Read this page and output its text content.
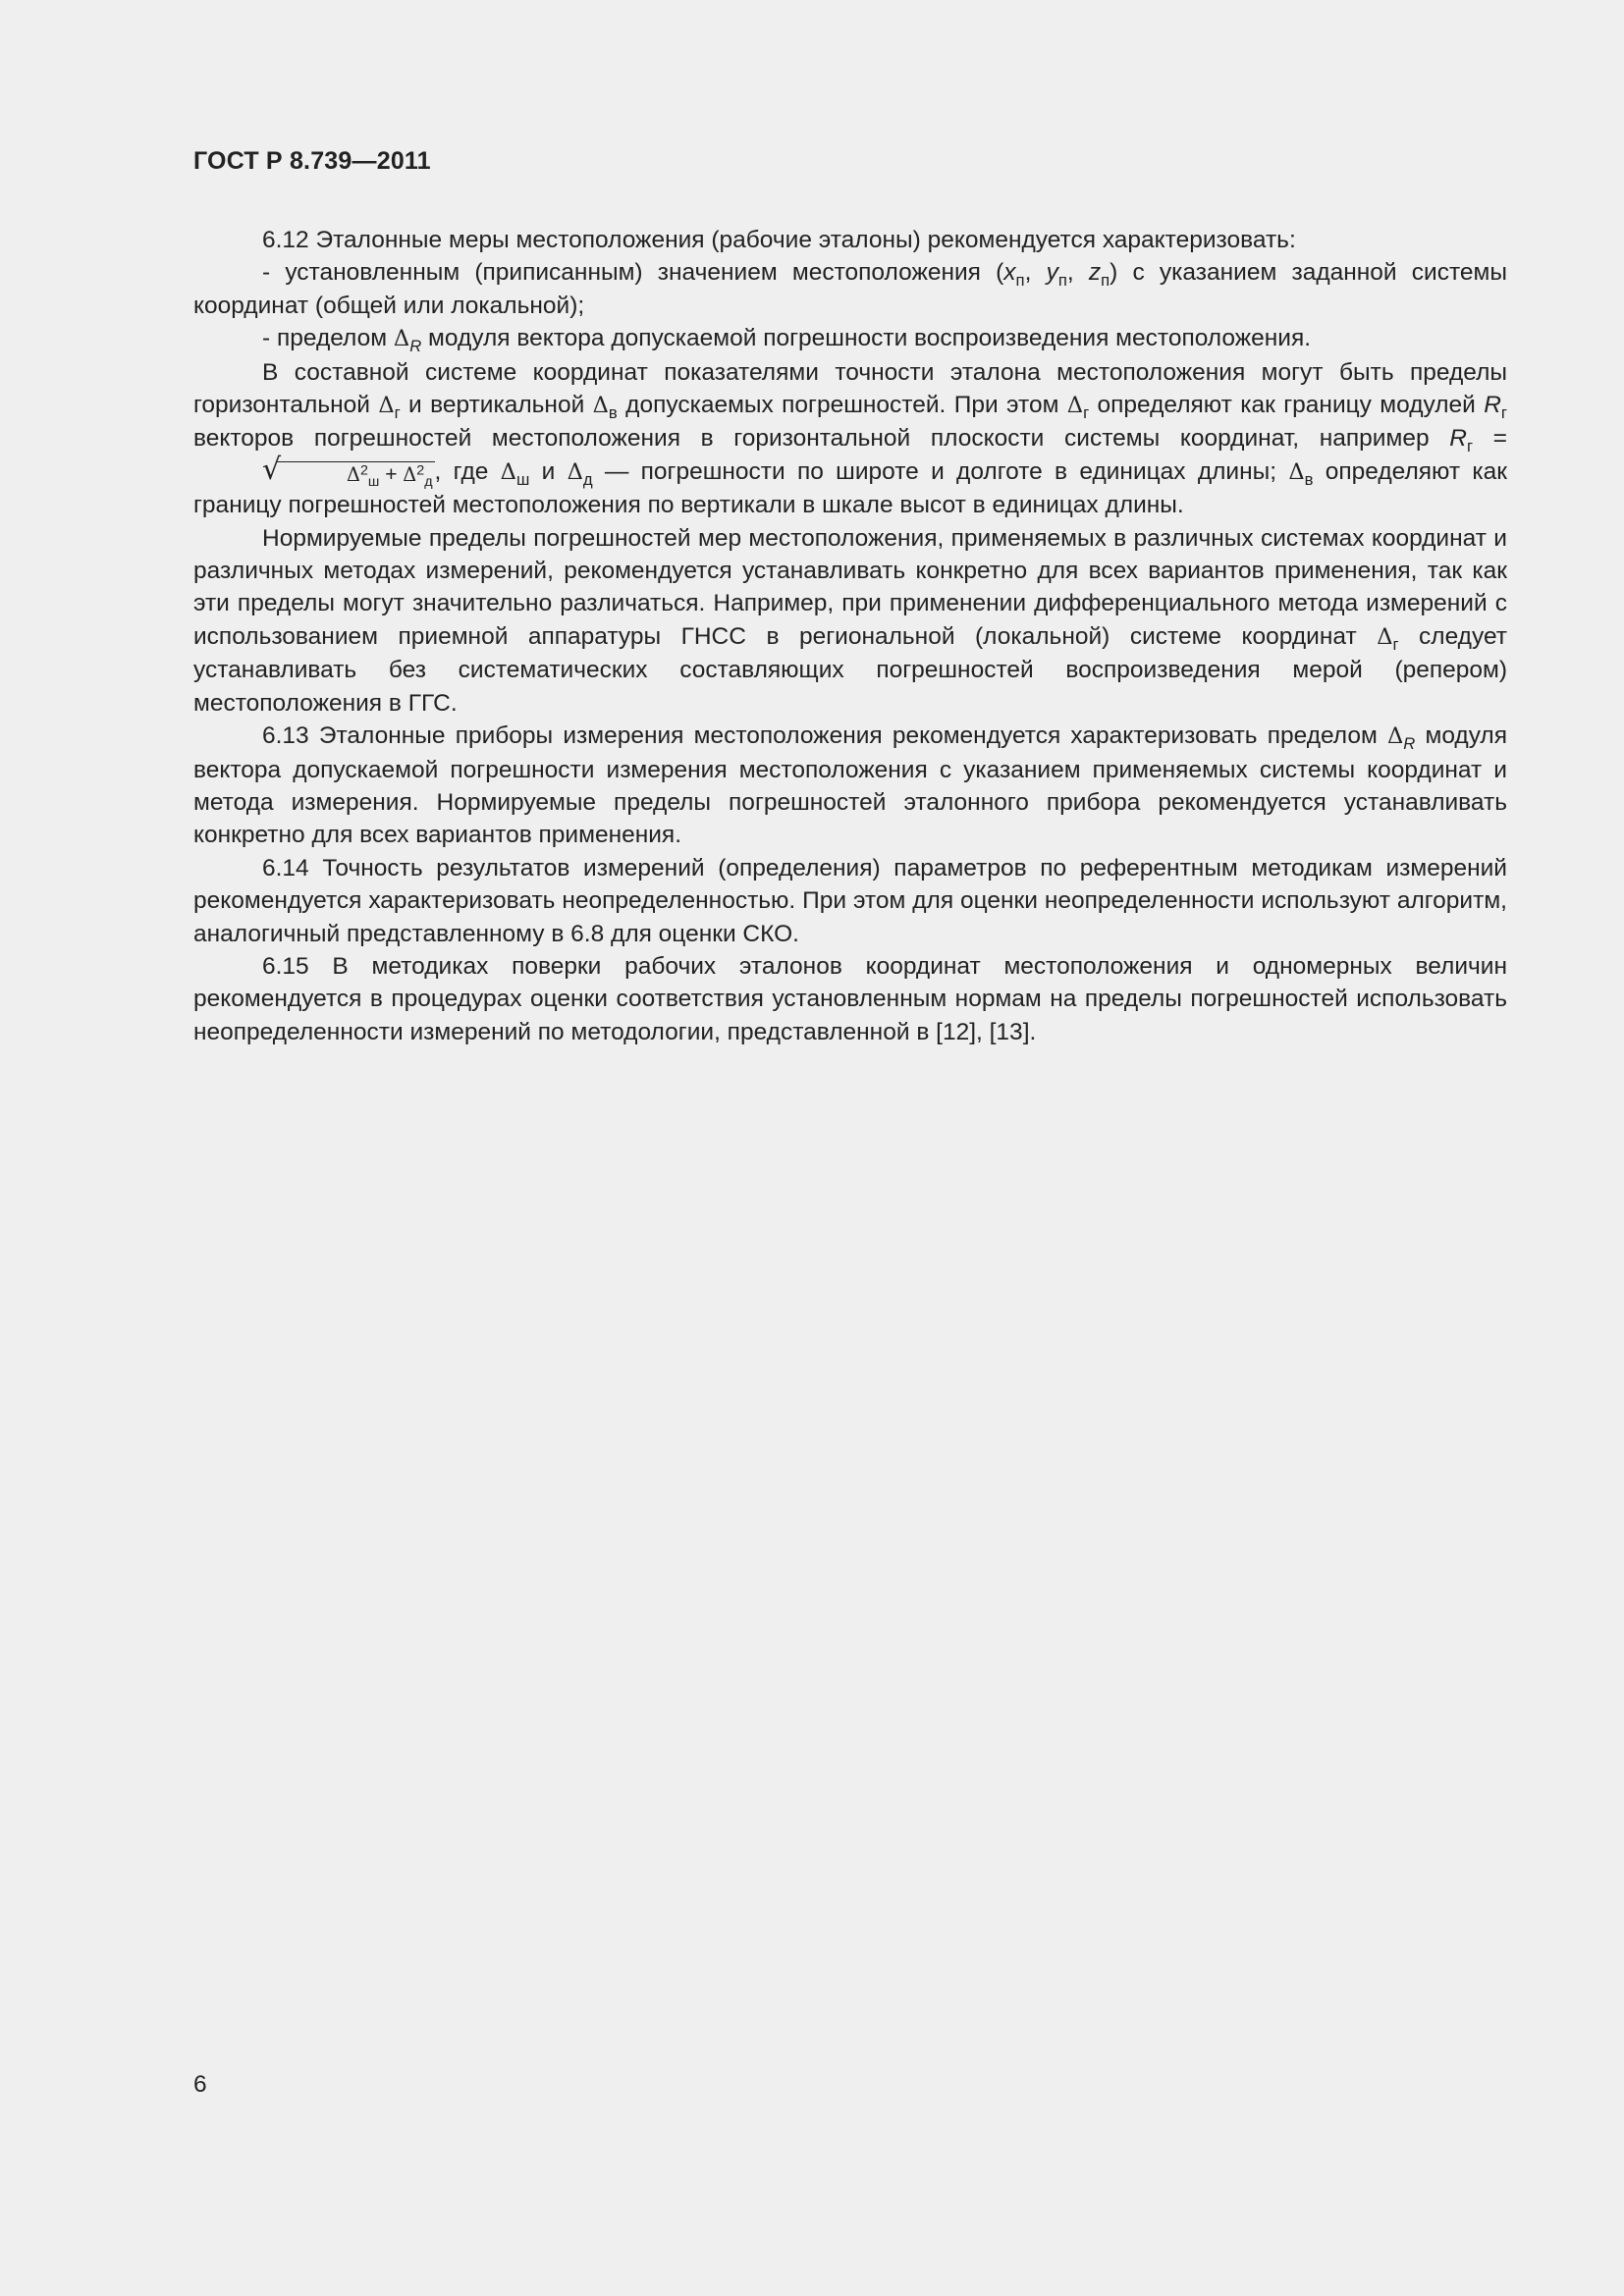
ГОСТ Р 8.739—2011

6.12 Эталонные меры местоположения (рабочие эталоны) рекомендуется характеризовать:

- установленным (приписанным) значением местоположения ($x_п$, $y_п$, $z_п$) с указанием заданной системы координат (общей или локальной);

- пределом $\Delta_R$ модуля вектора допускаемой погрешности воспроизведения местоположения.

В составной системе координат показателями точности эталона местоположения могут быть пределы горизонтальной $\Delta_г$ и вертикальной $\Delta_в$ допускаемых погрешностей. При этом $\Delta_г$ определяют как границу модулей $R_г$ векторов погрешностей местоположения в горизонтальной плоскости системы координат, например $R_г$ =
√	$\Delta^2_ш + \Delta^2_д$, где $\Delta_ш$ и $\Delta_д$ — погрешности по широте и долготе в единицах длины; $\Delta_в$ определяют как границу погрешностей местоположения по вертикали в шкале высот в единицах длины.

Нормируемые пределы погрешностей мер местоположения, применяемых в различных системах координат и различных методах измерений, рекомендуется устанавливать конкретно для всех вариантов применения, так как эти пределы могут значительно различаться. Например, при применении дифференциального метода измерений с использованием приемной аппаратуры ГНСС в региональной (локальной) системе координат $\Delta_г$ следует устанавливать без систематических составляющих погрешностей воспроизведения мерой (репером) местоположения в ГГС.

6.13 Эталонные приборы измерения местоположения рекомендуется характеризовать пределом $\Delta_R$ модуля вектора допускаемой погрешности измерения местоположения с указанием применяемых системы координат и метода измерения. Нормируемые пределы погрешностей эталонного прибора рекомендуется устанавливать конкретно для всех вариантов применения.

6.14 Точность результатов измерений (определения) параметров по референтным методикам измерений рекомендуется характеризовать неопределенностью. При этом для оценки неопределенности используют алгоритм, аналогичный представленному в 6.8 для оценки СКО.

6.15 В методиках поверки рабочих эталонов координат местоположения и одномерных величин рекомендуется в процедурах оценки соответствия установленным нормам на пределы погрешностей использовать неопределенности измерений по методологии, представленной в [12], [13].

6
